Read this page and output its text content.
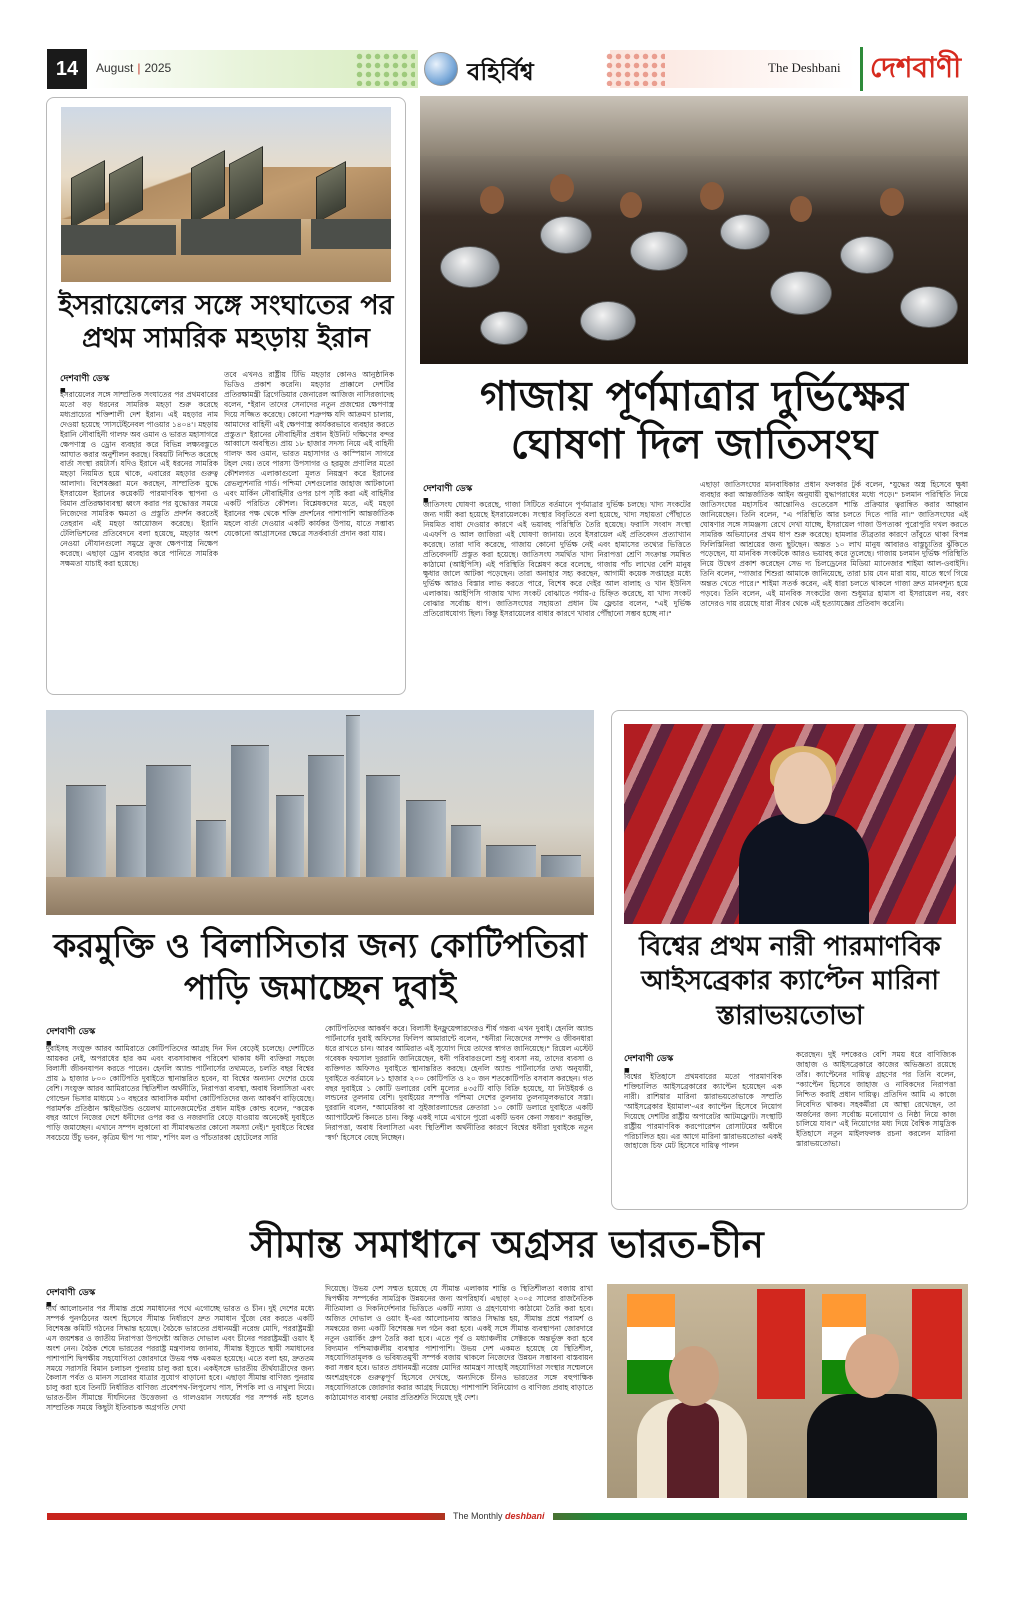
14	August | 2025	বহির্বিশ্ব	The Deshbani	দেশবাণী
ইসরায়েলের সঙ্গে সংঘাতের পর
প্রথম সামরিক মহড়ায় ইরান
দেশবাণী ডেস্ক ■
ইসরায়েলের সঙ্গে সাম্প্রতিক সংঘাতের পর প্রথমবারের মতো বড় ধরনের সামরিক মহড়া শুরু করেছে মধ্যপ্রাচ্যের শক্তিশালী দেশ ইরান। এই মহড়ার নাম দেওয়া হয়েছে 'সাসটেইনেবল পাওয়ার ১৪০৪'। মহড়ায় ইরানি নৌবাহিনী গালফ অব ওমান ও ভারত মহাসাগরে ক্ষেপণাস্ত্র ও ড্রোন ব্যবহার করে বিভিন্ন লক্ষ্যবস্তুতে আঘাত করার অনুশীলন করছে। বিষয়টি নিশ্চিত করেছে বার্তা সংস্থা রয়টার্স। যদিও ইরানে এই ধরনের সামরিক মহড়া নিয়মিত হয়ে থাকে, এবারের মহড়ার গুরুত্ব আলাদা। বিশেষজ্ঞরা মনে করছেন, সাম্প্রতিক যুদ্ধে ইসরায়েল ইরানের কয়েকটি পারমাণবিক স্থাপনা ও বিমান প্রতিরক্ষাব্যবস্থা ধ্বংস করার পর যুদ্ধোত্তর সময়ে নিজেদের সামরিক ক্ষমতা ও প্রস্তুতি প্রদর্শন করতেই তেহরান এই মহড়া আয়োজন করেছে। ইরানি টেলিভিশনের প্রতিবেদনে বলা হয়েছে, মহড়ার অংশ নেওয়া নৌযানগুলো সমুদ্রে ক্রুজ ক্ষেপণাস্ত্র নিক্ষেপ করেছে। এছাড়া ড্রোন ব্যবহার করে পানিতে সামরিক সক্ষমতা যাচাই করা হয়েছে।
তবে এখনও রাষ্ট্রীয় টিভি মহড়ার কোনও আনুষ্ঠানিক ভিডিও প্রকাশ করেনি। মহড়ার প্রাক্কালে দেশটির প্রতিরক্ষামন্ত্রী ব্রিগেডিয়ার জেনারেল আজিজ নাসিরজাদেহ বলেন, "ইরান তাদের সেনাদের নতুন প্রজন্মের ক্ষেপণাস্ত্র দিয়ে সজ্জিত করেছে। কোনো শত্রুপক্ষ যদি আক্রমণ চালায়, আমাদের বাহিনী এই ক্ষেপণাস্ত্র কার্যকরভাবে ব্যবহার করতে প্রস্তুত।" ইরানের নৌবাহিনীর প্রধান ইউনিট দক্ষিণের বন্দর আব্বাসে অবস্থিত। প্রায় ১৮ হাজার সদস্য নিয়ে এই বাহিনী গালফ অব ওমান, ভারত মহাসাগর ও কাস্পিয়ান সাগরে টহল দেয়। তবে পারস্য উপসাগর ও হরমুজ প্রণালির মতো কৌশলগত এলাকাগুলো মূলত নিয়ন্ত্রণ করে ইরানের রেভল্যুশনারি গার্ড। পশ্চিমা দেশগুলোর জাহাজ আটকানো এবং মার্কিন নৌবাহিনীর ওপর চাপ সৃষ্টি করা এই বাহিনীর একটি পরিচিত কৌশল। বিশ্লেষকদের মতে, এই মহড়া ইরানের পক্ষ থেকে শক্তি প্রদর্শনের পাশাপাশি আন্তর্জাতিক মহলে বার্তা দেওয়ার একটি কার্যকর উপায়, যাতে সম্ভাব্য যেকোনো আগ্রাসনের ক্ষেত্রে সতর্কবার্তা প্রদান করা যায়।
গাজায় পূর্ণমাত্রার দুর্ভিক্ষের
ঘোষণা দিল জাতিসংঘ
দেশবাণী ডেস্ক ■
জাতিসংঘ ঘোষণা করেছে, গাজা সিটিতে বর্তমানে পূর্ণমাত্রার দুর্ভিক্ষ চলছে। খাদ্য সংকটের জন্য দায়ী করা হয়েছে ইসরায়েলকে। সংস্থার বিবৃতিতে বলা হয়েছে, খাদ্য সহায়তা পৌঁছাতে নিয়মিত বাধা দেওয়ার কারণে এই ভয়াবহ পরিস্থিতি তৈরি হয়েছে। ফরাসি সংবাদ সংস্থা এএফপি ও আল জাজিরা এই ঘোষণা জানায়। তবে ইসরায়েল এই প্রতিবেদন প্রত্যাখ্যান করেছে। তারা দাবি করেছে, গাজায় কোনো দুর্ভিক্ষ নেই এবং হামাসের তথ্যের ভিত্তিতে প্রতিবেদনটি প্রস্তুত করা হয়েছে। জাতিসংঘ সমর্থিত খাদ্য নিরাপত্তা শ্রেণি সংক্রান্ত সমন্বিত কাঠামো (আইপিসি) এই পরিস্থিতি বিশ্লেষণ করে বলেছে, গাজায় পাঁচ লাখের বেশি মানুষ ক্ষুধার জালে আটকা পড়েছেন। তারা অনাহার সহ্য করছেন, আগামী কয়েক সপ্তাহের মধ্যে দুর্ভিক্ষ আরও বিস্তার লাভ করতে পারে, বিশেষ করে দেইর আল বালাহ ও খান ইউনিস এলাকায়। আইপিসি গাজায় খাদ্য সংকট বোঝাতে পর্যায়-৫ চিহ্নিত করেছে, যা খাদ্য সংকট বোঝার সর্বোচ্চ ধাপ। জাতিসংঘের সহায়তা প্রধান টম ফ্লেচার বলেন, "এই দুর্ভিক্ষ প্রতিরোধযোগ্য ছিল। কিন্তু ইসরায়েলের বাধার কারণে খাবার পৌঁছানো সম্ভব হচ্ছে না।"
এছাড়া জাতিসংঘের মানবাধিকার প্রধান ফলকার টুর্ক বলেন, "যুদ্ধের অস্ত্র হিসেবে ক্ষুধা ব্যবহার করা আন্তর্জাতিক আইন অনুযায়ী যুদ্ধাপরাধের মধ্যে পড়ে।" চলমান পরিস্থিতি নিয়ে জাতিসংঘের মহাসচিব আন্তোনিও গুতেরেস শান্তি প্রক্রিয়ার ত্বরান্বিত করার আহ্বান জানিয়েছেন। তিনি বলেন, "এ পরিস্থিতি আর চলতে দিতে পারি না।" জাতিসংঘের এই ঘোষণার সঙ্গে সামঞ্জস্য রেখে দেখা যাচ্ছে, ইসরায়েল গাজা উপত্যকা পুরোপুরি দখল করতে সামরিক অভিযানের প্রথম ধাপ শুরু করেছে। হামলার তীব্রতার কারণে তাঁবুতে থাকা বিপন্ন ফিলিস্তিনিরা আশ্রয়ের জন্য ছুটছেন। অন্তত ১০ লাখ মানুষ আবারও বাস্তুচ্যুতির ঝুঁকিতে পড়েছেন, যা মানবিক সংকটকে আরও ভয়াবহ করে তুলেছে। গাজায় চলমান দুর্ভিক্ষ পরিস্থিতি নিয়ে উদ্বেগ প্রকাশ করেছেন সেভ দ্য চিলড্রেনের মিডিয়া ম্যানেজার শাইমা আল-ওবাইদি। তিনি বলেন, "গাজার শিশুরা আমাকে জানিয়েছে, তারা চায় যেন মারা যায়, যাতে স্বর্গে গিয়ে অন্তত খেতে পারে।" শাইমা সতর্ক করেন, এই ধারা চলতে থাকলে গাজা দ্রুত মানবশূন্য হয়ে পড়বে। তিনি বলেন, এই মানবিক সংকটের জন্য শুধুমাত্র হামাস বা ইসরায়েল নয়, বরং তাদেরও দায় রয়েছে যারা নীরব থেকে এই হত্যাযজ্ঞের প্রতিবাদ করেনি।
করমুক্তি ও বিলাসিতার জন্য কোটিপতিরা
পাড়ি জমাচ্ছেন দুবাই
দেশবাণী ডেস্ক ■
দুবাইসহ সংযুক্ত আরব আমিরাতে কোটিপতিদের আগ্রহ দিন দিন বেড়েই চলেছে। দেশটিতে আয়কর নেই, অপরাধের হার কম এবং ব্যবসাবান্ধব পরিবেশ থাকায় ধনী ব্যক্তিরা সহজে বিলাসী জীবনযাপন করতে পারেন। হেনলি অ্যান্ড পার্টনার্সের তথ্যমতে, চলতি বছর বিশ্বের প্রায় ৯ হাজার ৮০০ কোটিপতি দুবাইতে স্থানান্তরিত হবেন, যা বিশ্বের অন্যান্য দেশের চেয়ে বেশি। সংযুক্ত আরব আমিরাতের স্থিতিশীল অর্থনীতি, নিরাপত্তা ব্যবস্থা, অবাধ বিলাসিতা এবং গোল্ডেন ভিসার মাধ্যমে ১০ বছরের আবাসিক মর্যাদা কোটিপতিদের জন্য আকর্ষণ বাড়িয়েছে। পরামর্শক প্রতিষ্ঠান স্কাইভাউন্ড ওয়েলথ ম্যানেজমেন্টের প্রধান মাইক কোল্ড বলেন, "কয়েক বছর আগে নিজের দেশে ধনীদের ওপর কর ও নজরদারি বেড়ে যাওয়ায় অনেকেই দুবাইতে পাড়ি জমাচ্ছেন। এখানে সম্পদ লুকানো বা সীমাবদ্ধতার কোনো সমস্যা নেই।" দুবাইতে বিশ্বের সবচেয়ে উঁচু ভবন, কৃত্রিম দ্বীপ 'দ্য পাম', শপিং মল ও পাঁচতারকা হোটেলের সারি
কোটিপতিদের আকর্ষণ করে। বিলাসী ইনফ্লুয়েন্সারদেরও শীর্ষ গন্তব্য এখন দুবাই। হেনলি অ্যান্ড পার্টনার্সের দুবাই অফিসের ফিলিপ আমারান্টে বলেন, "ধনীরা নিজেদের সম্পদ ও জীবনধারা ধরে রাখতে চান। আরব আমিরাত এই সুযোগ দিয়ে তাদের স্বাগত জানিয়েছে।" রিয়েল এস্টেট গবেষক ফয়সাল দুররানি জানিয়েছেন, ধনী পরিবারগুলো শুধু ব্যবসা নয়, তাদের ব্যবসা ও ব্যক্তিগত অফিসও দুবাইতে স্থানান্তরিত করছে। হেনলি অ্যান্ড পার্টনার্সের তথ্য অনুযায়ী, দুবাইতে বর্তমানে ৮১ হাজার ২০০ কোটিপতি ও ২০ জন শতকোটিপতি বসবাস করছেন। গত বছর দুবাইয়ে ১ কোটি ডলারের বেশি মূল্যের ৪৩৫টি বাড়ি বিক্রি হয়েছে, যা নিউইয়র্ক ও লন্ডনের তুলনায় বেশি। দুবাইয়ের সম্পত্তি পশ্চিমা দেশের তুলনায় তুলনামূলকভাবে সস্তা। দুররানি বলেন, "আমেরিকা বা সুইজারল্যান্ডের ক্রেতারা ১০ কোটি ডলারে দুবাইতে একটি অ্যাপার্টমেন্ট কিনতে চান। কিন্তু একই দামে এখানে পুরো একটি ভবন কেনা সম্ভব।" করমুক্তি, নিরাপত্তা, অবাধ বিলাসিতা এবং স্থিতিশীল অর্থনীতির কারণে বিশ্বের ধনীরা দুবাইকে নতুন 'স্বর্গ' হিসেবে বেছে নিচ্ছেন।
বিশ্বের প্রথম নারী পারমাণবিক
আইসব্রেকার ক্যাপ্টেন মারিনা
স্তারাভয়তোভা
দেশবাণী ডেস্ক ■
বিশ্বের ইতিহাসে প্রথমবারের মতো পারমাণবিক শক্তিচালিত আইসব্রেকারের ক্যাপ্টেন হয়েছেন এক নারী। রাশিয়ার মারিনা স্তারাভয়তোভাকে সম্প্রতি 'আইসব্রেকার ইয়ামাল'-এর ক্যাপ্টেন হিসেবে নিয়োগ দিয়েছে দেশটির রাষ্ট্রীয় অপারেটর আটমফ্লোট। সংস্থাটি রাষ্ট্রীয় পারমাণবিক করপোরেশন রোসাটমের অধীনে পরিচালিত হয়। এর আগে মারিনা স্তারাভয়তোভা একই জাহাজে চিফ মেট হিসেবে দায়িত্ব পালন
করেছেন। দুই দশকেরও বেশি সময় ধরে বাণিজ্যিক জাহাজ ও আইসব্রেকারে কাজের অভিজ্ঞতা রয়েছে তাঁর। ক্যাপ্টেনের দায়িত্ব গ্রহণের পর তিনি বলেন, "ক্যাপ্টেন হিসেবে জাহাজ ও নাবিকদের নিরাপত্তা নিশ্চিত করাই প্রধান দায়িত্ব। প্রতিদিন আমি এ কাজে নিবেদিত থাকব। সহকর্মীরা যে আস্থা রেখেছেন, তা অর্জনের জন্য সর্বোচ্চ মনোযোগ ও নিষ্ঠা নিয়ে কাজ চালিয়ে যাব।" এই নিয়োগের মধ্য দিয়ে বৈশ্বিক সামুদ্রিক ইতিহাসে নতুন মাইলফলক রচনা করলেন মারিনা স্তারাভয়তোভা।
সীমান্ত সমাধানে অগ্রসর ভারত-চীন
দেশবাণী ডেস্ক ■
দীর্ঘ আলোচনার পর সীমান্ত প্রশ্নে সমাধানের পথে এগোচ্ছে ভারত ও চীন। দুই দেশের মধ্যে সম্পর্ক পুনর্গঠনের অংশ হিসেবে সীমান্ত নির্ধারণে দ্রুত সমাধান খুঁজে বের করতে একটি বিশেষজ্ঞ কমিটি গঠনের সিদ্ধান্ত হয়েছে। বৈঠকে ভারতের প্রধানমন্ত্রী নরেন্দ্র মোদি, পররাষ্ট্রমন্ত্রী এস জয়শঙ্কর ও জাতীয় নিরাপত্তা উপদেষ্টা অজিত দোভাল এবং চীনের পররাষ্ট্রমন্ত্রী ওয়াং ই অংশ নেন। বৈঠক শেষে ভারতের পররাষ্ট্র মন্ত্রণালয় জানায়, সীমান্ত ইস্যুতে স্থায়ী সমাধানের পাশাপাশি দ্বিপক্ষীয় সহযোগিতা জোরদারে উভয় পক্ষ একমত হয়েছে। এতে বলা হয়, দ্রুততম সময়ে সরাসরি বিমান চলাচল পুনরায় চালু করা হবে। একইসঙ্গে ভারতীয় তীর্থযাত্রীদের জন্য কৈলাস পর্বত ও মানস সরোবর যাত্রার সুযোগ বাড়ানো হবে। এছাড়া সীমান্ত বাণিজ্য পুনরায় চালু করা হবে তিনটি নির্ধারিত বাণিজ্য প্রবেশপথ-লিপুলেখ পাস, শিপকি লা ও নাথুলা দিয়ে। ভারত-চীন সীমান্তে দীর্ঘদিনের উত্তেজনা ও গালওয়ান সংঘর্ষের পর সম্পর্ক নষ্ট হলেও সাম্প্রতিক সময়ে কিছুটা ইতিবাচক অগ্রগতি দেখা
দিয়েছে। উভয় দেশ সম্মত হয়েছে যে সীমান্ত এলাকায় শান্তি ও স্থিতিশীলতা বজায় রাখা দ্বিপক্ষীয় সম্পর্কের সামগ্রিক উন্নয়নের জন্য অপরিহার্য। এছাড়া ২০০৫ সালের রাজনৈতিক নীতিমালা ও দিকনির্দেশনার ভিত্তিতে একটি ন্যায্য ও গ্রহণযোগ্য কাঠামো তৈরি করা হবে। অজিত দোভাল ও ওয়াং ই-এর আলোচনায় আরও সিদ্ধান্ত হয়, সীমান্ত প্রশ্নে পরামর্শ ও সমন্বয়ের জন্য একটি বিশেষজ্ঞ দল গঠন করা হবে। একই সঙ্গে সীমান্ত ব্যবস্থাপনা জোরদারে নতুন ওয়ার্কিং গ্রুপ তৈরি করা হবে। এতে পূর্ব ও মধ্যাঞ্চলীয় সেক্টরকে অন্তর্ভুক্ত করা হবে বিদ্যমান পশ্চিমাঞ্চলীয় ব্যবস্থার পাশাপাশি। উভয় দেশ একমত হয়েছে যে স্থিতিশীল, সহযোগিতামূলক ও ভবিষ্যতমুখী সম্পর্ক বজায় থাকলে নিজেদের উন্নয়ন সম্ভাবনা বাস্তবায়ন করা সম্ভব হবে। ভারত প্রধানমন্ত্রী নরেন্দ্র মোদির আমন্ত্রণ সাংহাই সহযোগিতা সংস্থার সম্মেলনে অংশগ্রহণকে গুরুত্বপূর্ণ হিসেবে দেখছে, অন্যদিকে চীনও ভারতের সঙ্গে বহুপাক্ষিক সহযোগিতাকে জোরদার করার আগ্রহ দিয়েছে। পাশাপাশি বিনিয়োগ ও বাণিজ্য প্রবাহ বাড়াতে কাঠামোগত ব্যবস্থা নেয়ার প্রতিশ্রুতি দিয়েছে দুই দেশ।
The Monthly deshbani
